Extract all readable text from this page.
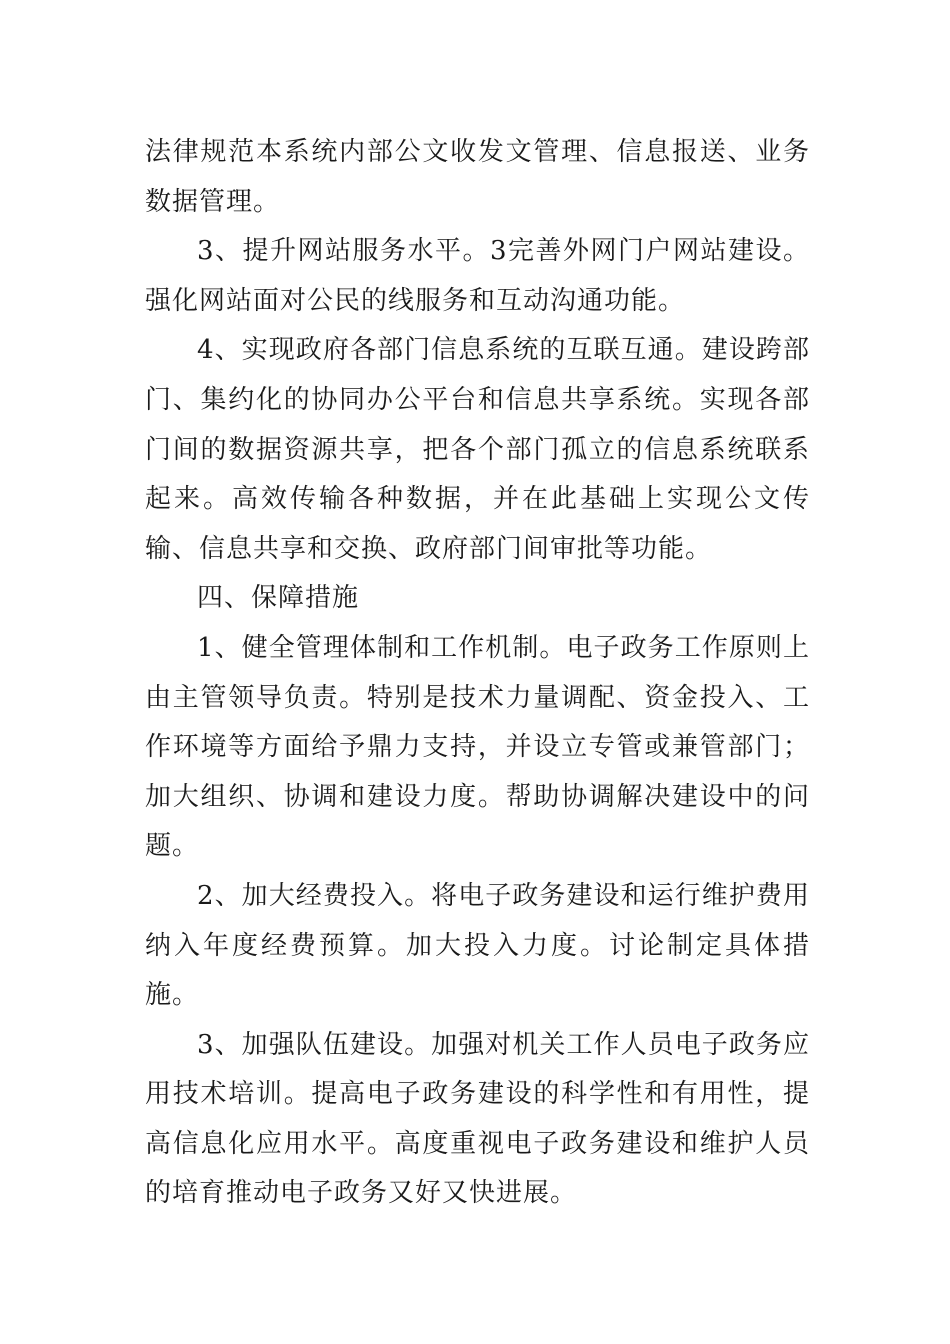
法律规范本系统内部公文收发文管理、信息报送、业务数据管理。

3、提升网站服务水平。3完善外网门户网站建设。强化网站面对公民的线服务和互动沟通功能。

4、实现政府各部门信息系统的互联互通。建设跨部门、集约化的协同办公平台和信息共享系统。实现各部门间的数据资源共享，把各个部门孤立的信息系统联系起来。高效传输各种数据，并在此基础上实现公文传输、信息共享和交换、政府部门间审批等功能。

四、保障措施

1、健全管理体制和工作机制。电子政务工作原则上由主管领导负责。特别是技术力量调配、资金投入、工作环境等方面给予鼎力支持，并设立专管或兼管部门；加大组织、协调和建设力度。帮助协调解决建设中的问题。

2、加大经费投入。将电子政务建设和运行维护费用纳入年度经费预算。加大投入力度。讨论制定具体措施。

3、加强队伍建设。加强对机关工作人员电子政务应用技术培训。提高电子政务建设的科学性和有用性，提高信息化应用水平。高度重视电子政务建设和维护人员的培育推动电子政务又好又快进展。
